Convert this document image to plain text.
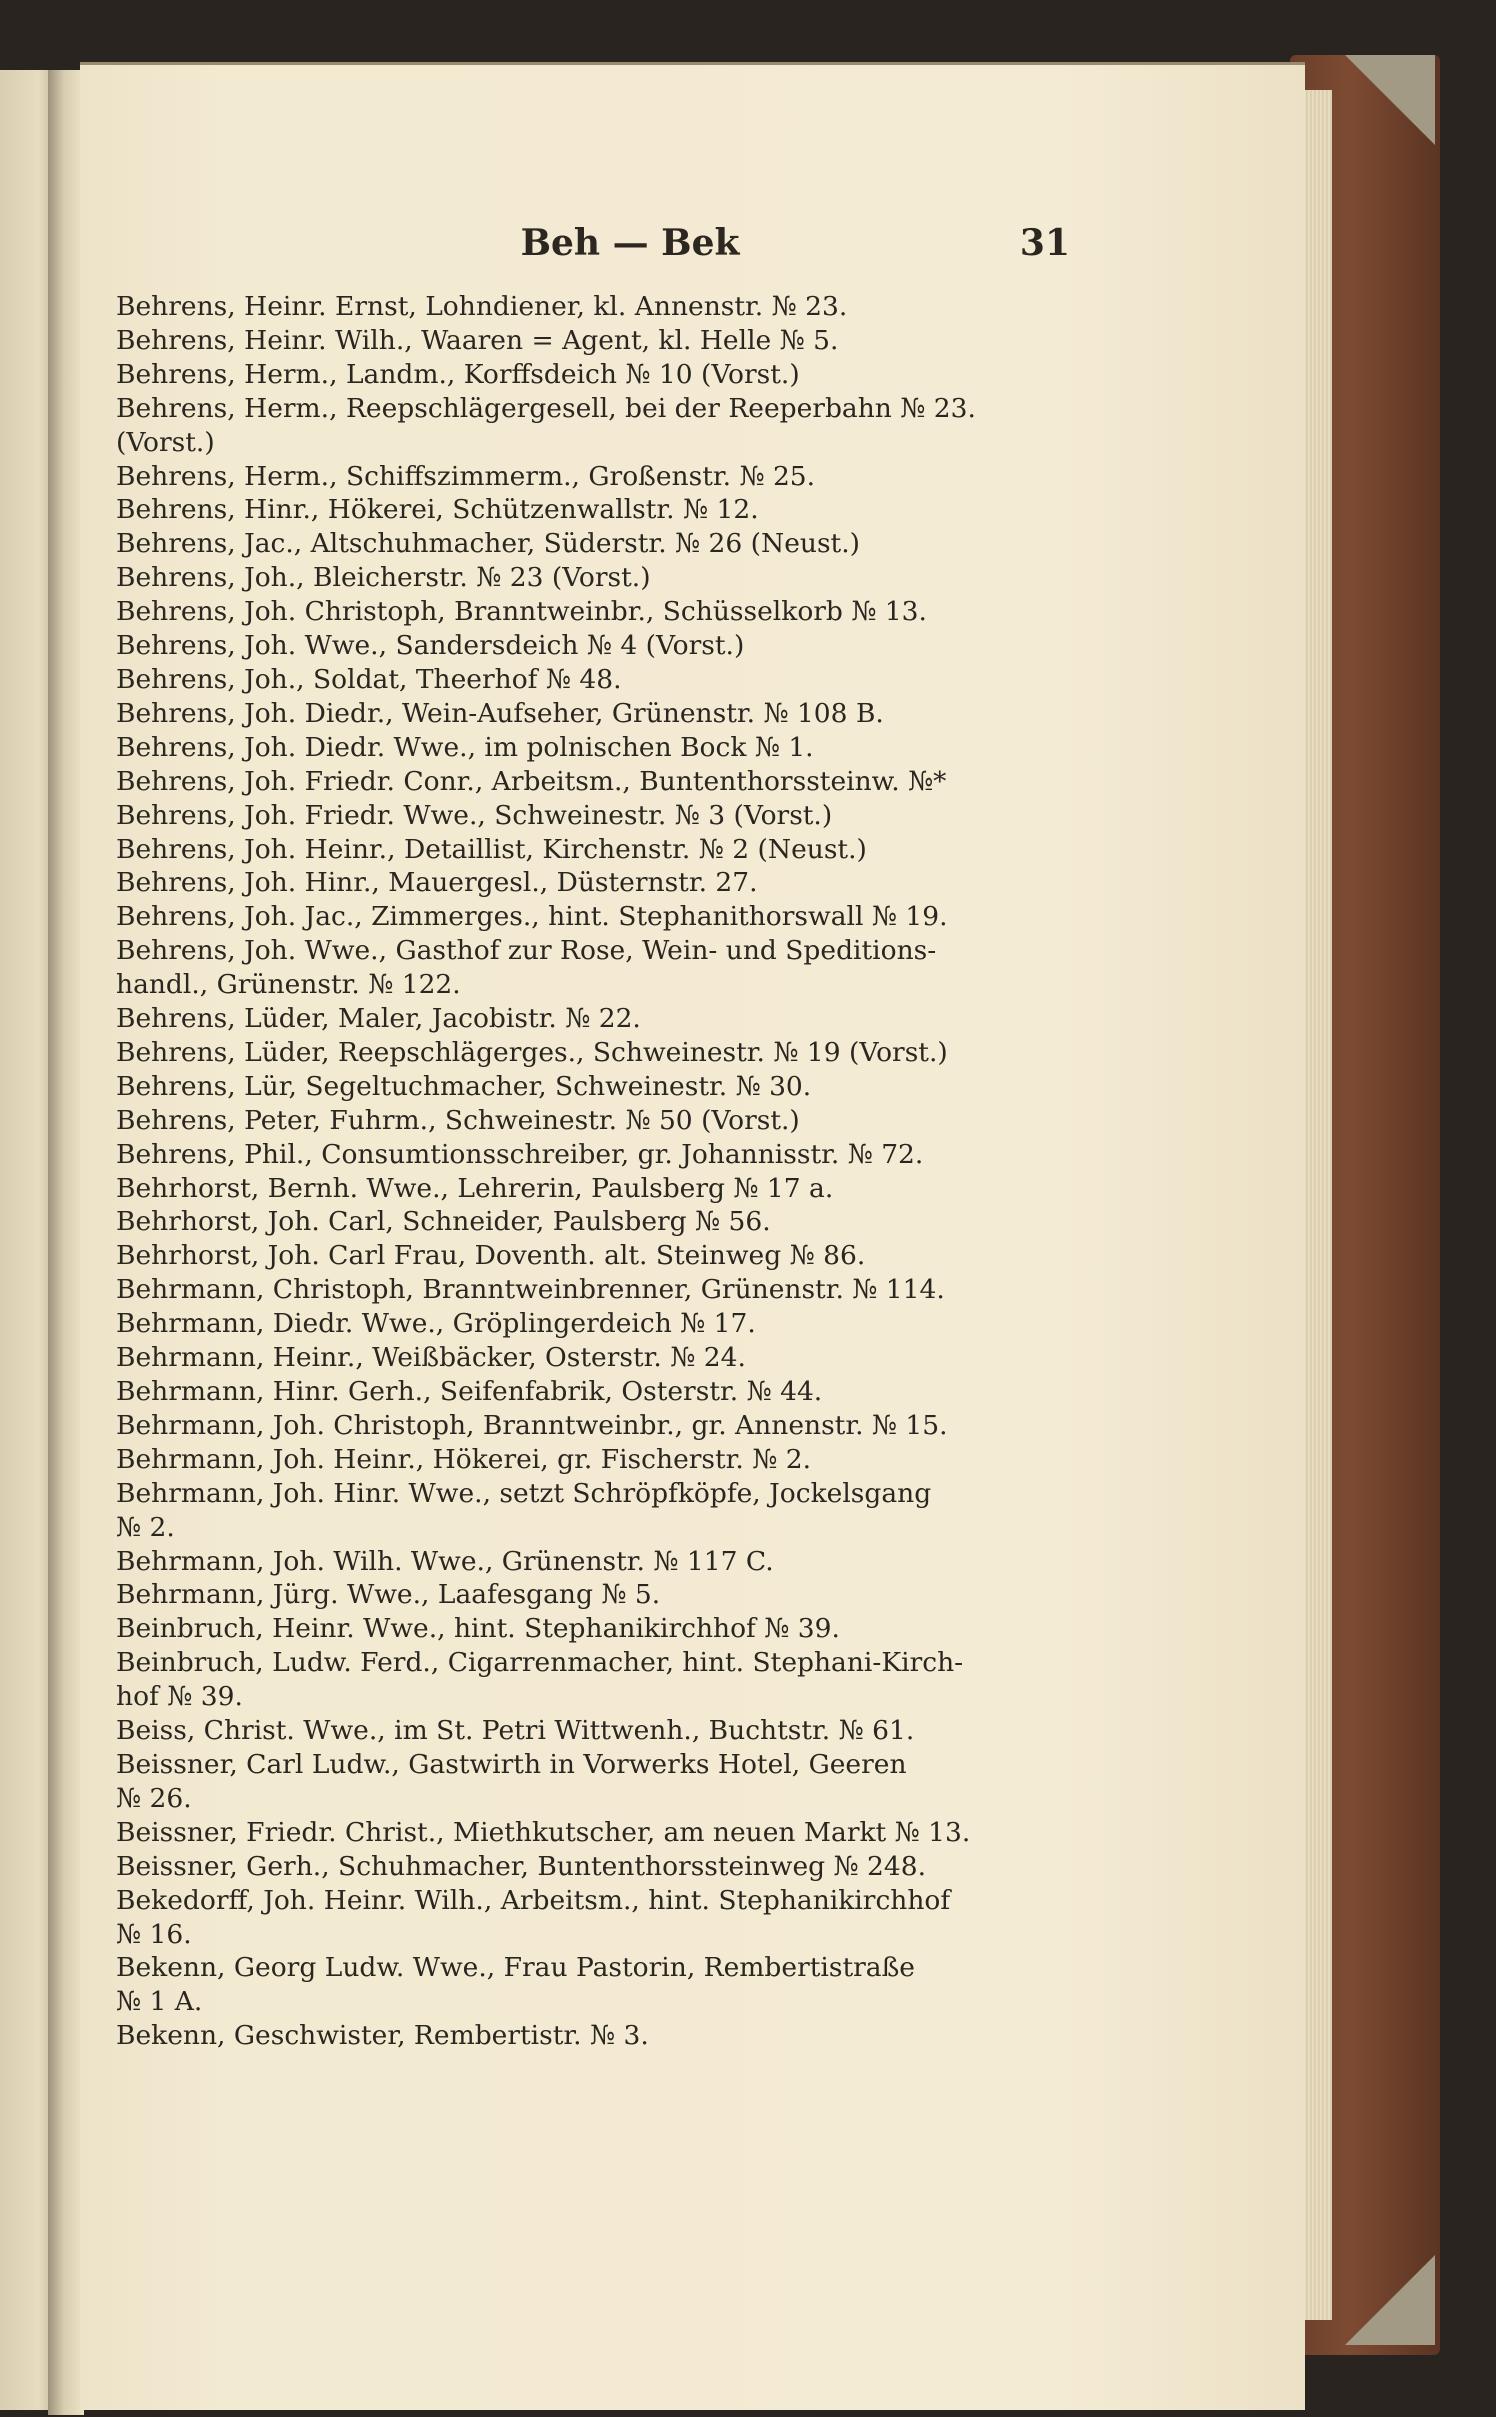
Beh — Bek	31
Behrens, Heinr. Ernst, Lohndiener, kl. Annenstr. № 23.
Behrens, Heinr. Wilh., Waaren = Agent, kl. Helle № 5.
Behrens, Herm., Landm., Korffsdeich № 10 (Vorst.)
Behrens, Herm., Reepschlägergesell, bei der Reeperbahn № 23.
(Vorst.)
Behrens, Herm., Schiffszimmerm., Großenstr. № 25.
Behrens, Hinr., Hökerei, Schützenwallstr. № 12.
Behrens, Jac., Altschuhmacher, Süderstr. № 26 (Neust.)
Behrens, Joh., Bleicherstr. № 23 (Vorst.)
Behrens, Joh. Christoph, Branntweinbr., Schüsselkorb № 13.
Behrens, Joh. Wwe., Sandersdeich № 4 (Vorst.)
Behrens, Joh., Soldat, Theerhof № 48.
Behrens, Joh. Diedr., Wein-Aufseher, Grünenstr. № 108 B.
Behrens, Joh. Diedr. Wwe., im polnischen Bock № 1.
Behrens, Joh. Friedr. Conr., Arbeitsm., Buntenthorssteinw. №*
Behrens, Joh. Friedr. Wwe., Schweinestr. № 3 (Vorst.)
Behrens, Joh. Heinr., Detaillist, Kirchenstr. № 2 (Neust.)
Behrens, Joh. Hinr., Mauergesl., Düsternstr. 27.
Behrens, Joh. Jac., Zimmerges., hint. Stephanithorswall № 19.
Behrens, Joh. Wwe., Gasthof zur Rose, Wein- und Speditions-
handl., Grünenstr. № 122.
Behrens, Lüder, Maler, Jacobistr. № 22.
Behrens, Lüder, Reepschlägerges., Schweinestr. № 19 (Vorst.)
Behrens, Lür, Segeltuchmacher, Schweinestr. № 30.
Behrens, Peter, Fuhrm., Schweinestr. № 50 (Vorst.)
Behrens, Phil., Consumtionsschreiber, gr. Johannisstr. № 72.
Behrhorst, Bernh. Wwe., Lehrerin, Paulsberg № 17 a.
Behrhorst, Joh. Carl, Schneider, Paulsberg № 56.
Behrhorst, Joh. Carl Frau, Doventh. alt. Steinweg № 86.
Behrmann, Christoph, Branntweinbrenner, Grünenstr. № 114.
Behrmann, Diedr. Wwe., Gröplingerdeich № 17.
Behrmann, Heinr., Weißbäcker, Osterstr. № 24.
Behrmann, Hinr. Gerh., Seifenfabrik, Osterstr. № 44.
Behrmann, Joh. Christoph, Branntweinbr., gr. Annenstr. № 15.
Behrmann, Joh. Heinr., Hökerei, gr. Fischerstr. № 2.
Behrmann, Joh. Hinr. Wwe., setzt Schröpfköpfe, Jockelsgang
№ 2.
Behrmann, Joh. Wilh. Wwe., Grünenstr. № 117 C.
Behrmann, Jürg. Wwe., Laafesgang № 5.
Beinbruch, Heinr. Wwe., hint. Stephanikirchhof № 39.
Beinbruch, Ludw. Ferd., Cigarrenmacher, hint. Stephani-Kirch-
hof № 39.
Beiss, Christ. Wwe., im St. Petri Wittwenh., Buchtstr. № 61.
Beissner, Carl Ludw., Gastwirth in Vorwerks Hotel, Geeren
№ 26.
Beissner, Friedr. Christ., Miethkutscher, am neuen Markt № 13.
Beissner, Gerh., Schuhmacher, Buntenthorssteinweg № 248.
Bekedorff, Joh. Heinr. Wilh., Arbeitsm., hint. Stephanikirchhof
№ 16.
Bekenn, Georg Ludw. Wwe., Frau Pastorin, Rembertistraße
№ 1 A.
Bekenn, Geschwister, Rembertistr. № 3.
